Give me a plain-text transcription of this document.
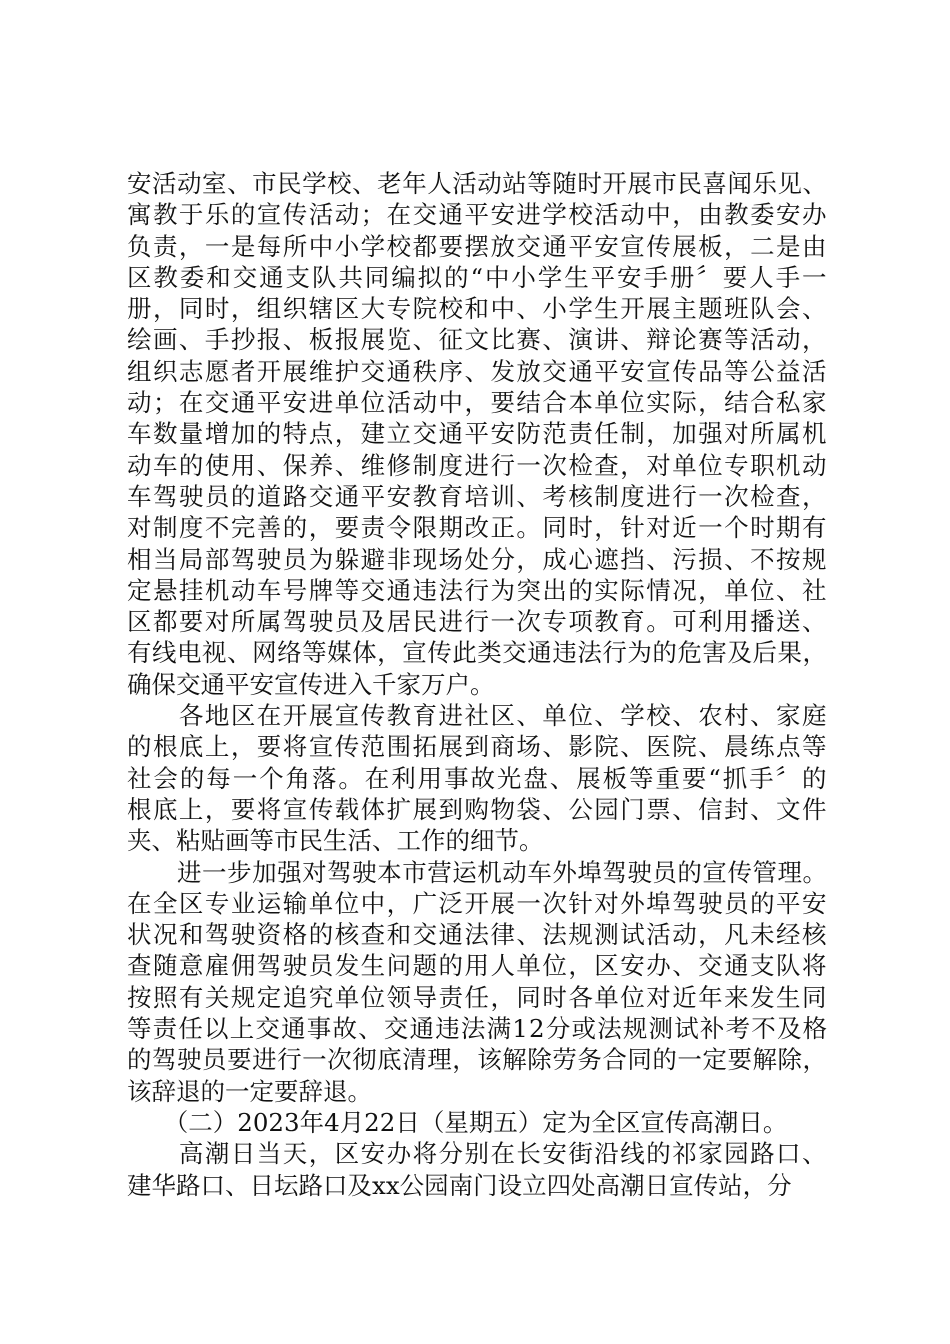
安活动室、市民学校、老年人活动站等随时开展市民喜闻乐见、
寓教于乐的宣传活动；在交通平安进学校活动中，由教委安办
负责，一是每所中小学校都要摆放交通平安宣传展板，二是由
区教委和交通支队共同编拟的“中小学生平安手册〞要人手一
册，同时，组织辖区大专院校和中、小学生开展主题班队会、
绘画、手抄报、板报展览、征文比赛、演讲、辩论赛等活动，
组织志愿者开展维护交通秩序、发放交通平安宣传品等公益活
动；在交通平安进单位活动中，要结合本单位实际，结合私家
车数量增加的特点，建立交通平安防范责任制，加强对所属机
动车的使用、保养、维修制度进行一次检查，对单位专职机动
车驾驶员的道路交通平安教育培训、考核制度进行一次检查，
对制度不完善的，要责令限期改正。同时，针对近一个时期有
相当局部驾驶员为躲避非现场处分，成心遮挡、污损、不按规
定悬挂机动车号牌等交通违法行为突出的实际情况，单位、社
区都要对所属驾驶员及居民进行一次专项教育。可利用播送、
有线电视、网络等媒体，宣传此类交通违法行为的危害及后果，
确保交通平安宣传进入千家万户。
　　各地区在开展宣传教育进社区、单位、学校、农村、家庭
的根底上，要将宣传范围拓展到商场、影院、医院、晨练点等
社会的每一个角落。在利用事故光盘、展板等重要“抓手〞的
根底上，要将宣传载体扩展到购物袋、公园门票、信封、文件
夹、粘贴画等市民生活、工作的细节。
　　进一步加强对驾驶本市营运机动车外埠驾驶员的宣传管理。
在全区专业运输单位中，广泛开展一次针对外埠驾驶员的平安
状况和驾驶资格的核查和交通法律、法规测试活动，凡未经核
查随意雇佣驾驶员发生问题的用人单位，区安办、交通支队将
按照有关规定追究单位领导责任，同时各单位对近年来发生同
等责任以上交通事故、交通违法满12分或法规测试补考不及格
的驾驶员要进行一次彻底清理，该解除劳务合同的一定要解除，
该辞退的一定要辞退。
　　（二）2023年4月22日（星期五）定为全区宣传高潮日。
　　高潮日当天，区安办将分别在长安街沿线的祁家园路口、
建华路口、日坛路口及xx公园南门设立四处高潮日宣传站，分
